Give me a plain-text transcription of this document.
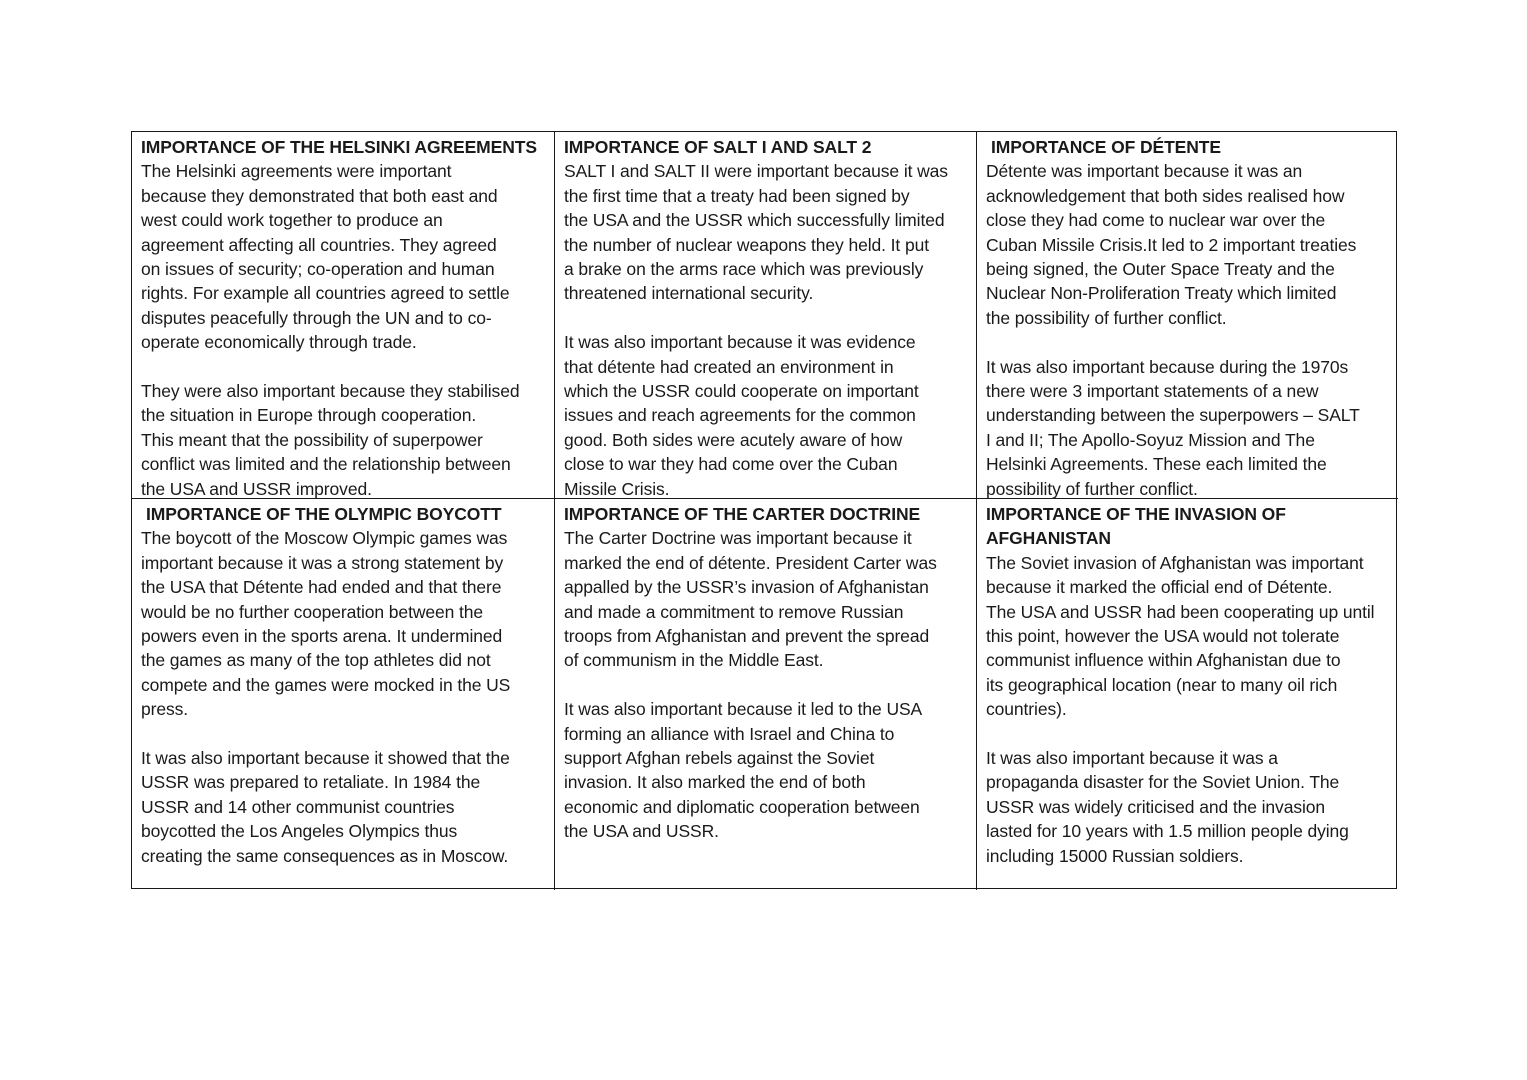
IMPORTANCE OF THE HELSINKI AGREEMENTS

The Helsinki agreements were important
because they demonstrated that both east and
west could work together to produce an
agreement affecting all countries. They agreed
on issues of security; co-operation and human
rights. For example all countries agreed to settle
disputes peacefully through the UN and to co-
operate economically through trade.

They were also important because they stabilised
the situation in Europe through cooperation.
This meant that the possibility of superpower
conflict was limited and the relationship between
the USA and USSR improved.

IMPORTANCE OF SALT I AND SALT 2

SALT I and SALT II were important because it was
the first time that a treaty had been signed by
the USA and the USSR which successfully limited
the number of nuclear weapons they held. It put
a brake on the arms race which was previously
threatened international security.

It was also important because it was evidence
that détente had created an environment in
which the USSR could cooperate on important
issues and reach agreements for the common
good. Both sides were acutely aware of how
close to war they had come over the Cuban
Missile Crisis.

IMPORTANCE OF DÉTENTE

Détente was important because it was an
acknowledgement that both sides realised how
close they had come to nuclear war over the
Cuban Missile Crisis.It led to 2 important treaties
being signed, the Outer Space Treaty and the
Nuclear Non-Proliferation Treaty which limited
the possibility of further conflict.

It was also important because during the 1970s
there were 3 important statements of a new
understanding between the superpowers – SALT
I and II; The Apollo-Soyuz Mission and The
Helsinki Agreements. These each limited the
possibility of further conflict.

IMPORTANCE OF THE OLYMPIC BOYCOTT

The boycott of the Moscow Olympic games was
important because it was a strong statement by
the USA that Détente had ended and that there
would be no further cooperation between the
powers even in the sports arena. It undermined
the games as many of the top athletes did not
compete and the games were mocked in the US
press.

It was also important because it showed that the
USSR was prepared to retaliate. In 1984 the
USSR and 14 other communist countries
boycotted the Los Angeles Olympics thus
creating the same consequences as in Moscow.

IMPORTANCE OF THE CARTER DOCTRINE

The Carter Doctrine was important because it
marked the end of détente. President Carter was
appalled by the USSR’s invasion of Afghanistan
and made a commitment to remove Russian
troops from Afghanistan and prevent the spread
of communism in the Middle East.

It was also important because it led to the USA
forming an alliance with Israel and China to
support Afghan rebels against the Soviet
invasion. It also marked the end of both
economic and diplomatic cooperation between
the USA and USSR.

IMPORTANCE OF THE INVASION OF
AFGHANISTAN

The Soviet invasion of Afghanistan was important
because it marked the official end of Détente.
The USA and USSR had been cooperating up until
this point, however the USA would not tolerate
communist influence within Afghanistan due to
its geographical location (near to many oil rich
countries).

It was also important because it was a
propaganda disaster for the Soviet Union. The
USSR was widely criticised and the invasion
lasted for 10 years with 1.5 million people dying
including 15000 Russian soldiers.
